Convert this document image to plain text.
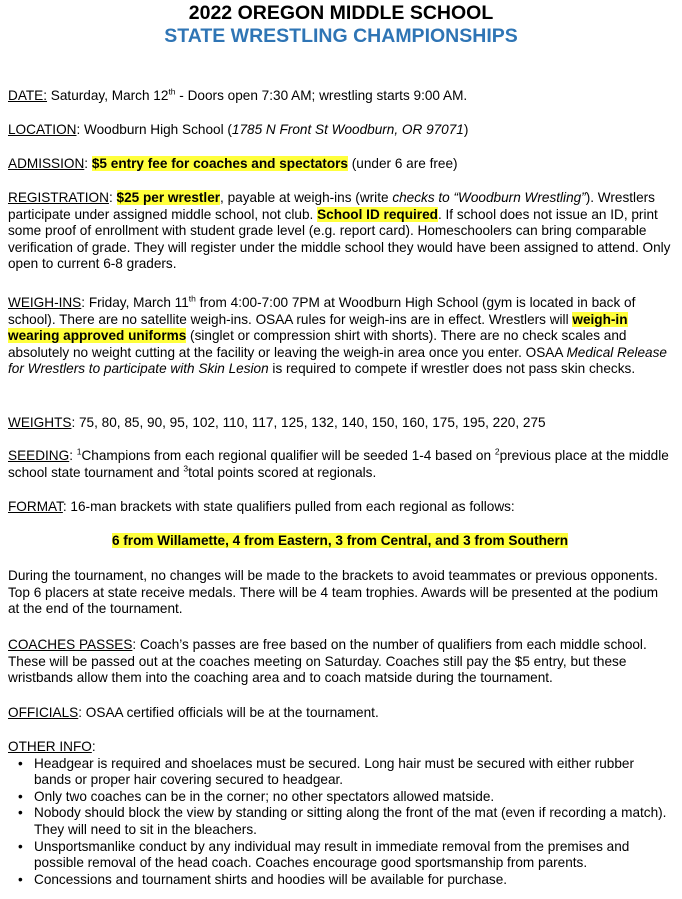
2022 OREGON MIDDLE SCHOOL
STATE WRESTLING CHAMPIONSHIPS
DATE: Saturday, March 12th - Doors open 7:30 AM; wrestling starts 9:00 AM.
LOCATION: Woodburn High School (1785 N Front St Woodburn, OR 97071)
ADMISSION: $5 entry fee for coaches and spectators (under 6 are free)
REGISTRATION: $25 per wrestler, payable at weigh-ins (write checks to “Woodburn Wrestling”). Wrestlers participate under assigned middle school, not club. School ID required. If school does not issue an ID, print some proof of enrollment with student grade level (e.g. report card). Homeschoolers can bring comparable verification of grade. They will register under the middle school they would have been assigned to attend. Only open to current 6-8 graders.
WEIGH-INS: Friday, March 11th from 4:00-7:00 7PM at Woodburn High School (gym is located in back of school). There are no satellite weigh-ins. OSAA rules for weigh-ins are in effect. Wrestlers will weigh-in wearing approved uniforms (singlet or compression shirt with shorts). There are no check scales and absolutely no weight cutting at the facility or leaving the weigh-in area once you enter. OSAA Medical Release for Wrestlers to participate with Skin Lesion is required to compete if wrestler does not pass skin checks.
WEIGHTS: 75, 80, 85, 90, 95, 102, 110, 117, 125, 132, 140, 150, 160, 175, 195, 220, 275
SEEDING: $^1$Champions from each regional qualifier will be seeded 1-4 based on $^2$previous place at the middle school state tournament and $^3$total points scored at regionals.
FORMAT: 16-man brackets with state qualifiers pulled from each regional as follows:
6 from Willamette, 4 from Eastern, 3 from Central, and 3 from Southern
During the tournament, no changes will be made to the brackets to avoid teammates or previous opponents. Top 6 placers at state receive medals. There will be 4 team trophies. Awards will be presented at the podium at the end of the tournament.
COACHES PASSES: Coach’s passes are free based on the number of qualifiers from each middle school. These will be passed out at the coaches meeting on Saturday. Coaches still pay the $5 entry, but these wristbands allow them into the coaching area and to coach matside during the tournament.
OFFICIALS: OSAA certified officials will be at the tournament.
OTHER INFO:
• Headgear is required and shoelaces must be secured. Long hair must be secured with either rubber bands or proper hair covering secured to headgear.
• Only two coaches can be in the corner; no other spectators allowed matside.
• Nobody should block the view by standing or sitting along the front of the mat (even if recording a match). They will need to sit in the bleachers.
• Unsportsmanlike conduct by any individual may result in immediate removal from the premises and possible removal of the head coach. Coaches encourage good sportsmanship from parents.
• Concessions and tournament shirts and hoodies will be available for purchase.
